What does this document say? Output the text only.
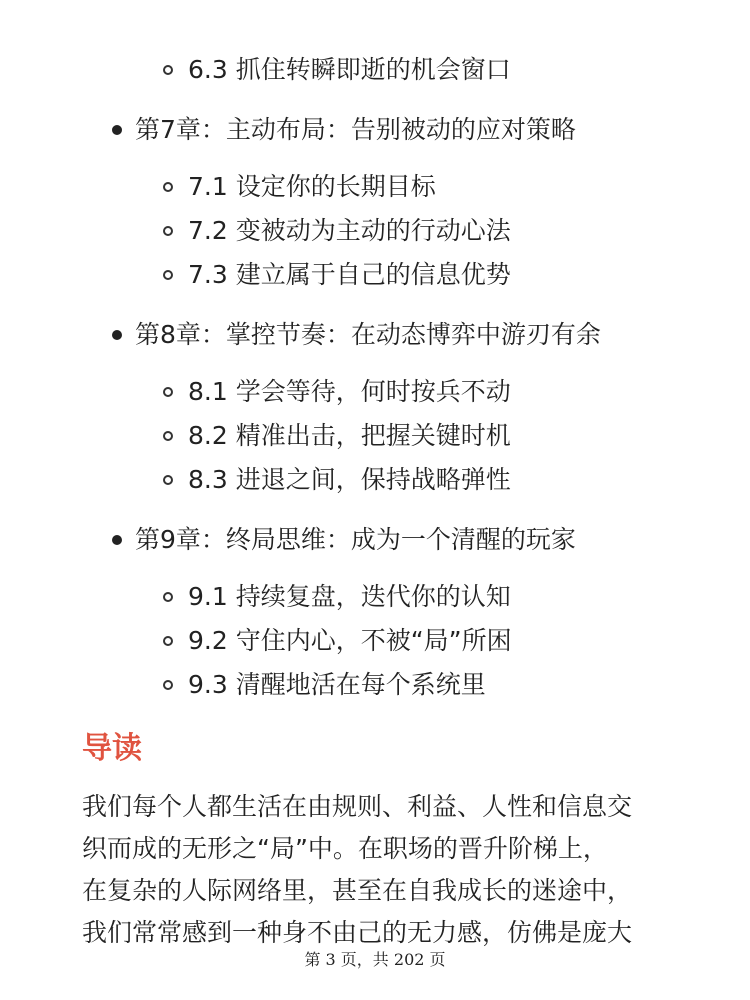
6.3 抓住转瞬即逝的机会窗口
第7章：主动布局：告别被动的应对策略
7.1 设定你的长期目标
7.2 变被动为主动的行动心法
7.3 建立属于自己的信息优势
第8章：掌控节奏：在动态博弈中游刃有余
8.1 学会等待，何时按兵不动
8.2 精准出击，把握关键时机
8.3 进退之间，保持战略弹性
第9章：终局思维：成为一个清醒的玩家
9.1 持续复盘，迭代你的认知
9.2 守住内心，不被“局”所困
9.3 清醒地活在每个系统里
导读
我们每个人都生活在由规则、利益、人性和信息交
织而成的无形之“局”中。在职场的晋升阶梯上，
在复杂的人际网络里，甚至在自我成长的迷途中，
我们常常感到一种身不由己的无力感，仿佛是庞大
第 3 页，共 202 页
